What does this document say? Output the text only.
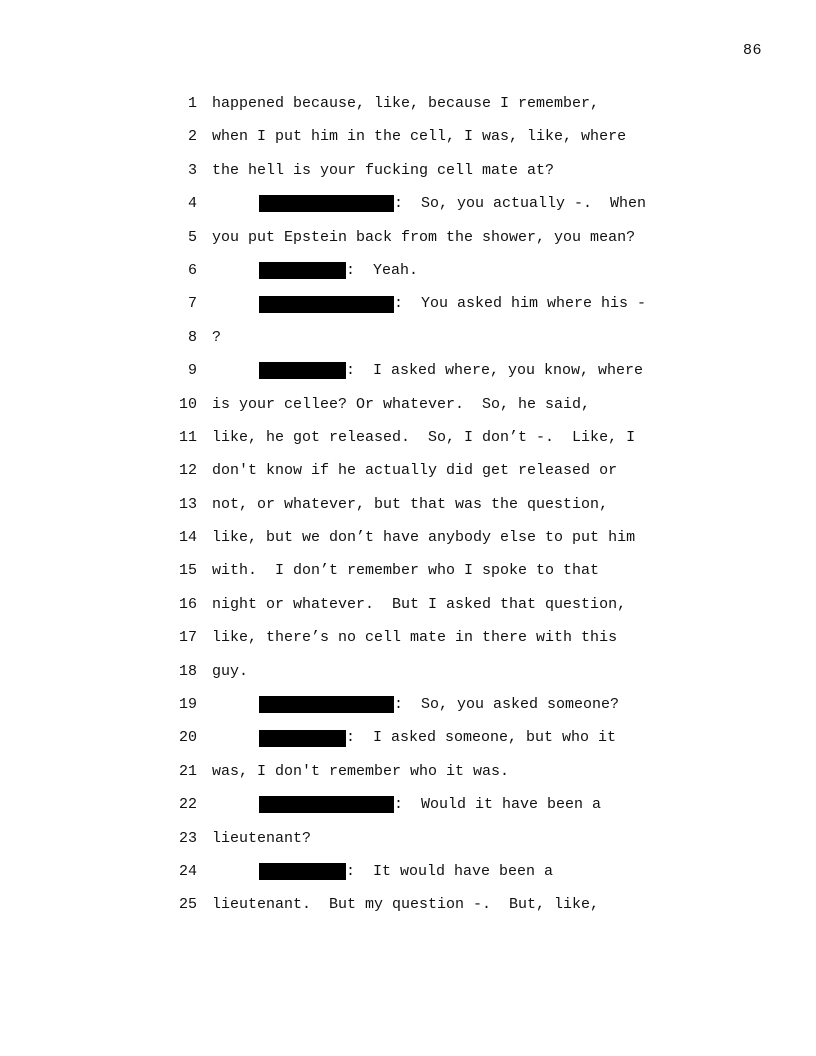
86
1 happened because, like, because I remember,
2 when I put him in the cell, I was, like, where
3 the hell is your fucking cell mate at?
4	:  So, you actually -.  When
5 you put Epstein back from the shower, you mean?
6	:  Yeah.
7	:  You asked him where his -
8 ?
9	:  I asked where, you know, where
10 is your cellee? Or whatever.  So, he said,
11 like, he got released.  So, I don’t -.  Like, I
12 don't know if he actually did get released or
13 not, or whatever, but that was the question,
14 like, but we don’t have anybody else to put him
15 with.  I don’t remember who I spoke to that
16 night or whatever.  But I asked that question,
17 like, there’s no cell mate in there with this
18 guy.
19	:  So, you asked someone?
20	:  I asked someone, but who it
21 was, I don't remember who it was.
22	:  Would it have been a
23 lieutenant?
24	:  It would have been a
25 lieutenant.  But my question -.  But, like,
